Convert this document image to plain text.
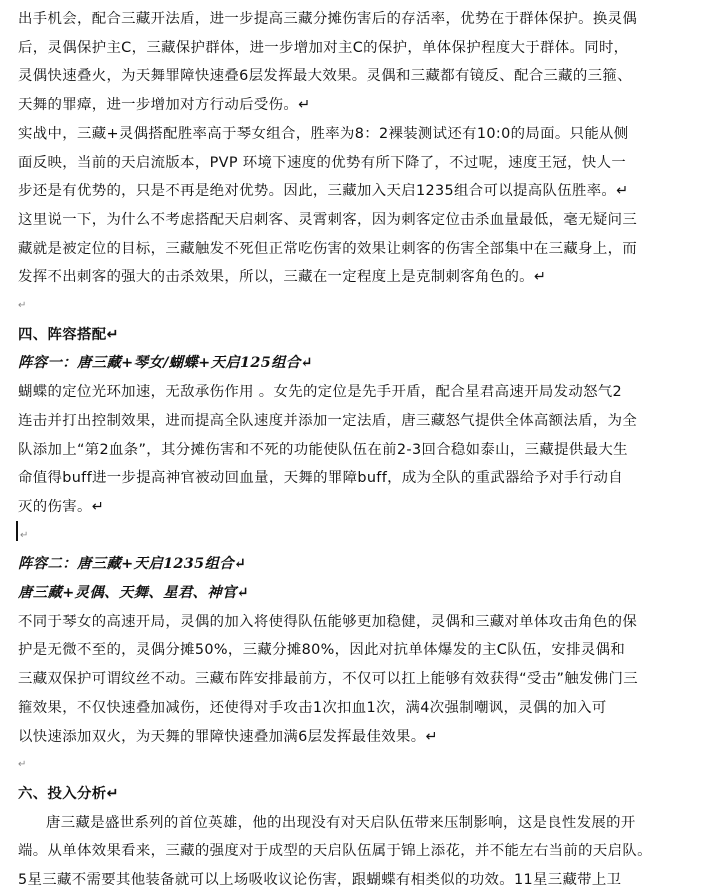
出手机会，配合三藏开法盾，进一步提高三藏分摊伤害后的存活率，优势在于群体保护。换灵偶
后，灵偶保护主C，三藏保护群体，进一步增加对主C的保护，单体保护程度大于群体。同时，
灵偶快速叠火，为天舞罪障快速叠6层发挥最大效果。灵偶和三藏都有镜反、配合三藏的三箍、
天舞的罪瘴，进一步增加对方行动后受伤。↵
实战中，三藏+灵偶搭配胜率高于琴女组合，胜率为8：2裸装测试还有10:0的局面。只能从侧
面反映，当前的天启流版本，PVP 环境下速度的优势有所下降了，不过呢，速度王冠，快人一
步还是有优势的，只是不再是绝对优势。因此，三藏加入天启1235组合可以提高队伍胜率。↵
这里说一下，为什么不考虑搭配天启刺客、灵霄刺客，因为刺客定位击杀血量最低，毫无疑问三
藏就是被定位的目标，三藏触发不死但正常吃伤害的效果让刺客的伤害全部集中在三藏身上，而
发挥不出刺客的强大的击杀效果，所以，三藏在一定程度上是克制刺客角色的。↵
↵
四、阵容搭配↵
阵容一：唐三藏+琴女/蝴蝶+天启125组合↵
蝴蝶的定位光环加速，无敌承伤作用 。女先的定位是先手开盾，配合星君高速开局发动怒气2
连击并打出控制效果，进而提高全队速度并添加一定法盾，唐三藏怒气提供全体高额法盾，为全
队添加上“第2血条”，其分摊伤害和不死的功能使队伍在前2-3回合稳如泰山，三藏提供最大生
命值得buff进一步提高神官被动回血量，天舞的罪障buff，成为全队的重武器给予对手行动自
灭的伤害。↵
↵
阵容二：唐三藏+天启1235组合↵
唐三藏+灵偶、天舞、星君、神官↵
不同于琴女的高速开局，灵偶的加入将使得队伍能够更加稳健，灵偶和三藏对单体攻击角色的保
护是无微不至的，灵偶分摊50%，三藏分摊80%，因此对抗单体爆发的主C队伍，安排灵偶和
三藏双保护可谓纹丝不动。三藏布阵安排最前方，不仅可以扛上能够有效获得“受击”触发佛门三
箍效果，不仅快速叠加减伤，还使得对手攻击1次扣血1次，满4次强制嘲讽，灵偶的加入可
以快速添加双火，为天舞的罪障快速叠加满6层发挥最佳效果。↵
↵
六、投入分析↵
唐三藏是盛世系列的首位英雄，他的出现没有对天启队伍带来压制影响，这是良性发展的开
端。从单体效果看来，三藏的强度对于成型的天启队伍属于锦上添花，并不能左右当前的天启队。
5星三藏不需要其他装备就可以上场吸收议论伤害，跟蝴蝶有相类似的功效。11星三藏带上卫
